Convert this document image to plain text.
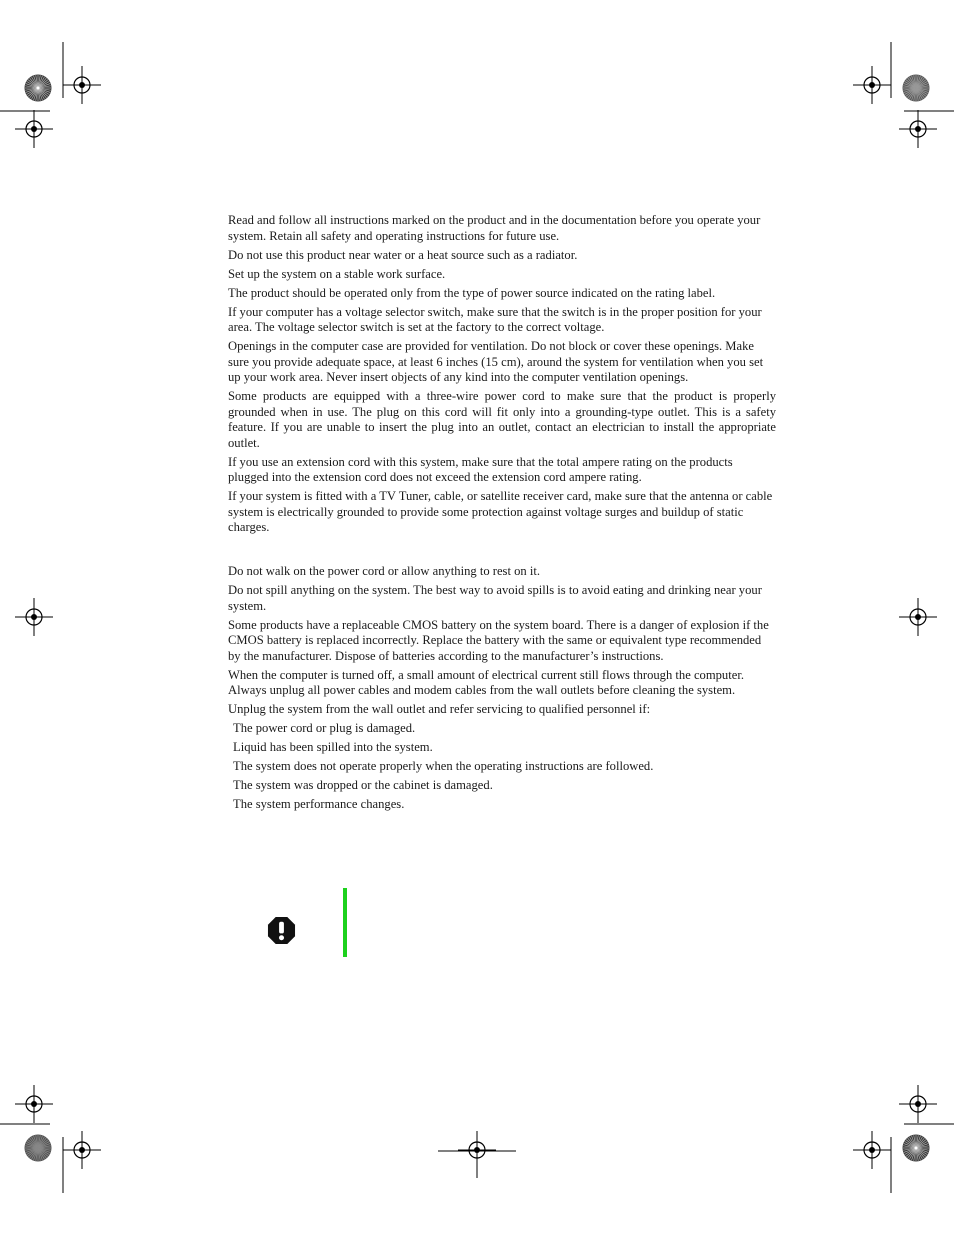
Read and follow all instructions marked on the product and in the documentation before you operate your system. Retain all safety and operating instructions for future use.

Do not use this product near water or a heat source such as a radiator.

Set up the system on a stable work surface.

The product should be operated only from the type of power source indicated on the rating label.

If your computer has a voltage selector switch, make sure that the switch is in the proper position for your area. The voltage selector switch is set at the factory to the correct voltage.

Openings in the computer case are provided for ventilation. Do not block or cover these openings. Make sure you provide adequate space, at least 6 inches (15 cm), around the system for ventilation when you set up your work area. Never insert objects of any kind into the computer ventilation openings.

Some products are equipped with a three-wire power cord to make sure that the product is properly grounded when in use. The plug on this cord will fit only into a grounding-type outlet. This is a safety feature. If you are unable to insert the plug into an outlet, contact an electrician to install the appropriate outlet.

If you use an extension cord with this system, make sure that the total ampere rating on the products plugged into the extension cord does not exceed the extension cord ampere rating.

If your system is fitted with a TV Tuner, cable, or satellite receiver card, make sure that the antenna or cable system is electrically grounded to provide some protection against voltage surges and buildup of static charges.

Do not walk on the power cord or allow anything to rest on it.

Do not spill anything on the system. The best way to avoid spills is to avoid eating and drinking near your system.

Some products have a replaceable CMOS battery on the system board. There is a danger of explosion if the CMOS battery is replaced incorrectly. Replace the battery with the same or equivalent type recommended by the manufacturer. Dispose of batteries according to the manufacturer’s instructions.

When the computer is turned off, a small amount of electrical current still flows through the computer. Always unplug all power cables and modem cables from the wall outlets before cleaning the system.

Unplug the system from the wall outlet and refer servicing to qualified personnel if:

The power cord or plug is damaged.

Liquid has been spilled into the system.

The system does not operate properly when the operating instructions are followed.

The system was dropped or the cabinet is damaged.

The system performance changes.
